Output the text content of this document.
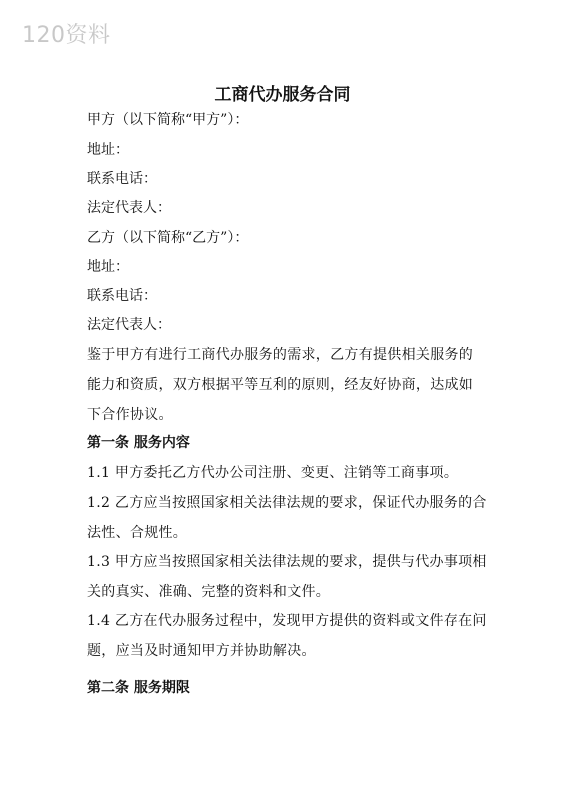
120资料
工商代办服务合同
甲方（以下简称“甲方”）：
地址：
联系电话：
法定代表人：
乙方（以下简称“乙方”）：
地址：
联系电话：
法定代表人：
鉴于甲方有进行工商代办服务的需求，乙方有提供相关服务的能力和资质，双方根据平等互利的原则，经友好协商，达成如下合作协议。
第一条 服务内容
1.1 甲方委托乙方代办公司注册、变更、注销等工商事项。
1.2 乙方应当按照国家相关法律法规的要求，保证代办服务的合法性、合规性。
1.3 甲方应当按照国家相关法律法规的要求，提供与代办事项相关的真实、准确、完整的资料和文件。
1.4 乙方在代办服务过程中，发现甲方提供的资料或文件存在问题，应当及时通知甲方并协助解决。
第二条 服务期限
